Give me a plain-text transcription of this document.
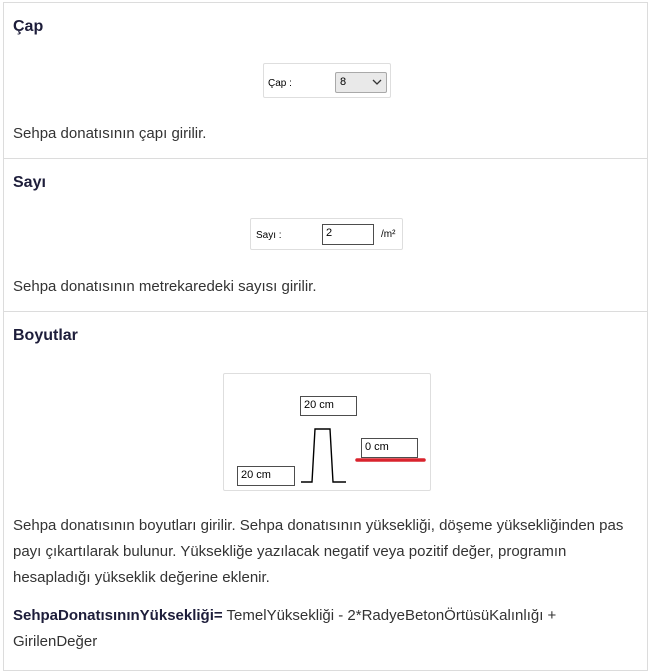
Çap
Çap :	8

Sehpa donatısının çapı girilir.

Sayı
Sayı :	2	/m²

Sehpa donatısının metrekaredeki sayısı girilir.

Boyutlar
20 cm
0 cm
20 cm

Sehpa donatısının boyutları girilir. Sehpa donatısının yüksekliği, döşeme yüksekliğinden pas payı çıkartılarak bulunur. Yüksekliğe yazılacak negatif veya pozitif değer, programın hesapladığı yükseklik değerine eklenir.

SehpaDonatısınınYüksekliği= TemelYüksekliği - 2*RadyeBetonÖrtüsüKalınlığı + GirilenDeğer
